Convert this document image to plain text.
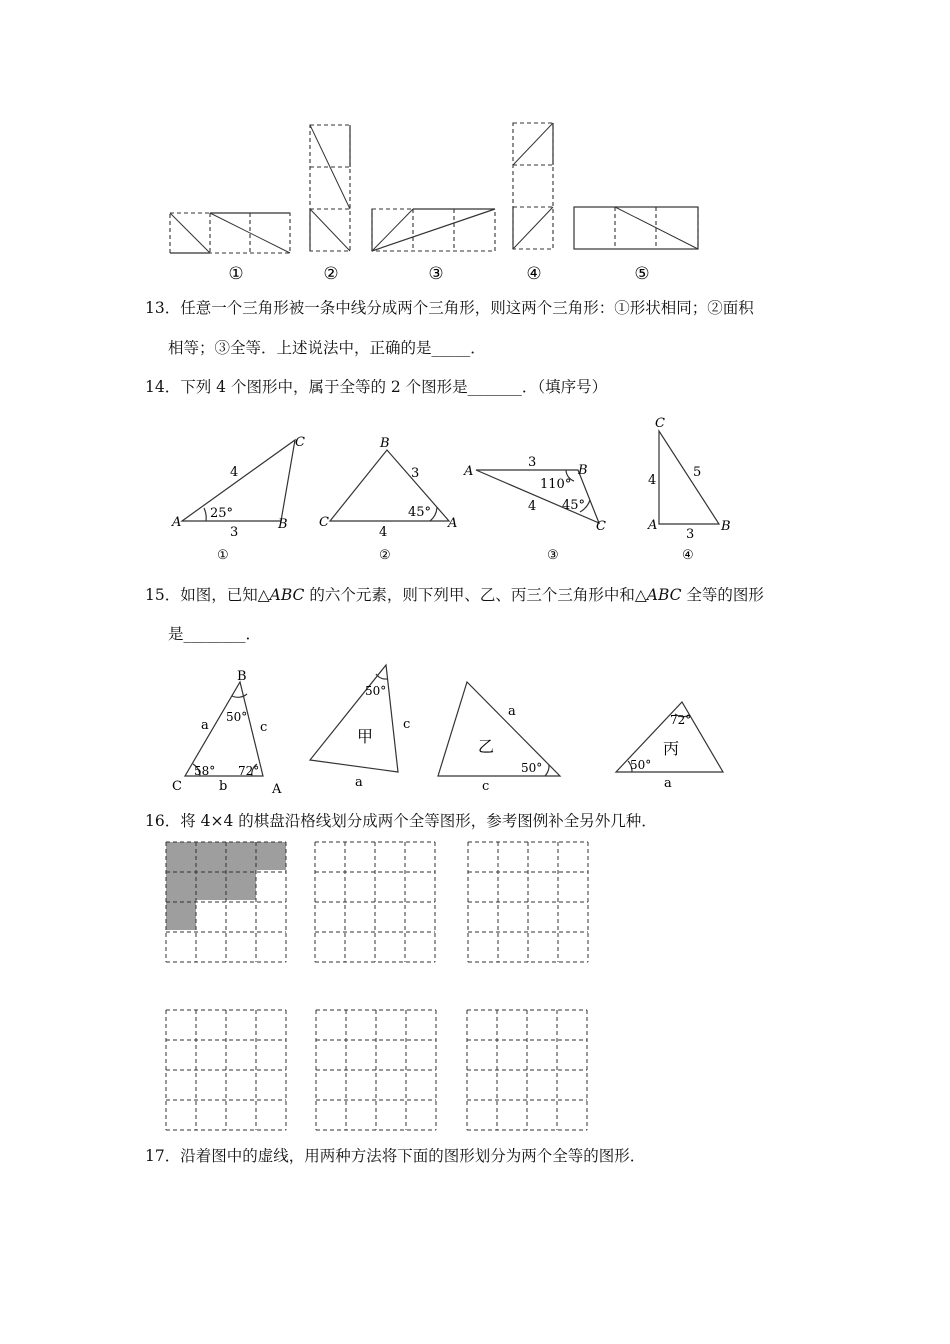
①	②	③	④	⑤
13．任意一个三角形被一条中线分成两个三角形，则这两个三角形：①形状相同；②面积
相等；③全等．上述说法中，正确的是_____．
14．下列 4 个图形中，属于全等的 2 个图形是_______．（填序号）
A	B
C
4
3
25°
①
B
C	A
3
4
45°
②
A	B
C
3
4
110°
45°
③
C
A	B
4
5
3
④
15．如图，已知△ABC 的六个元素，则下列甲、乙、丙三个三角形中和△ABC 全等的图形
是________．
B
C	A
a	c
b
50°
58° 72°
甲
50°
c
a
乙
50°
a
c
丙
72°
50°
a
16．将 4×4 的棋盘沿格线划分成两个全等图形，参考图例补全另外几种．
17．沿着图中的虚线，用两种方法将下面的图形划分为两个全等的图形．
